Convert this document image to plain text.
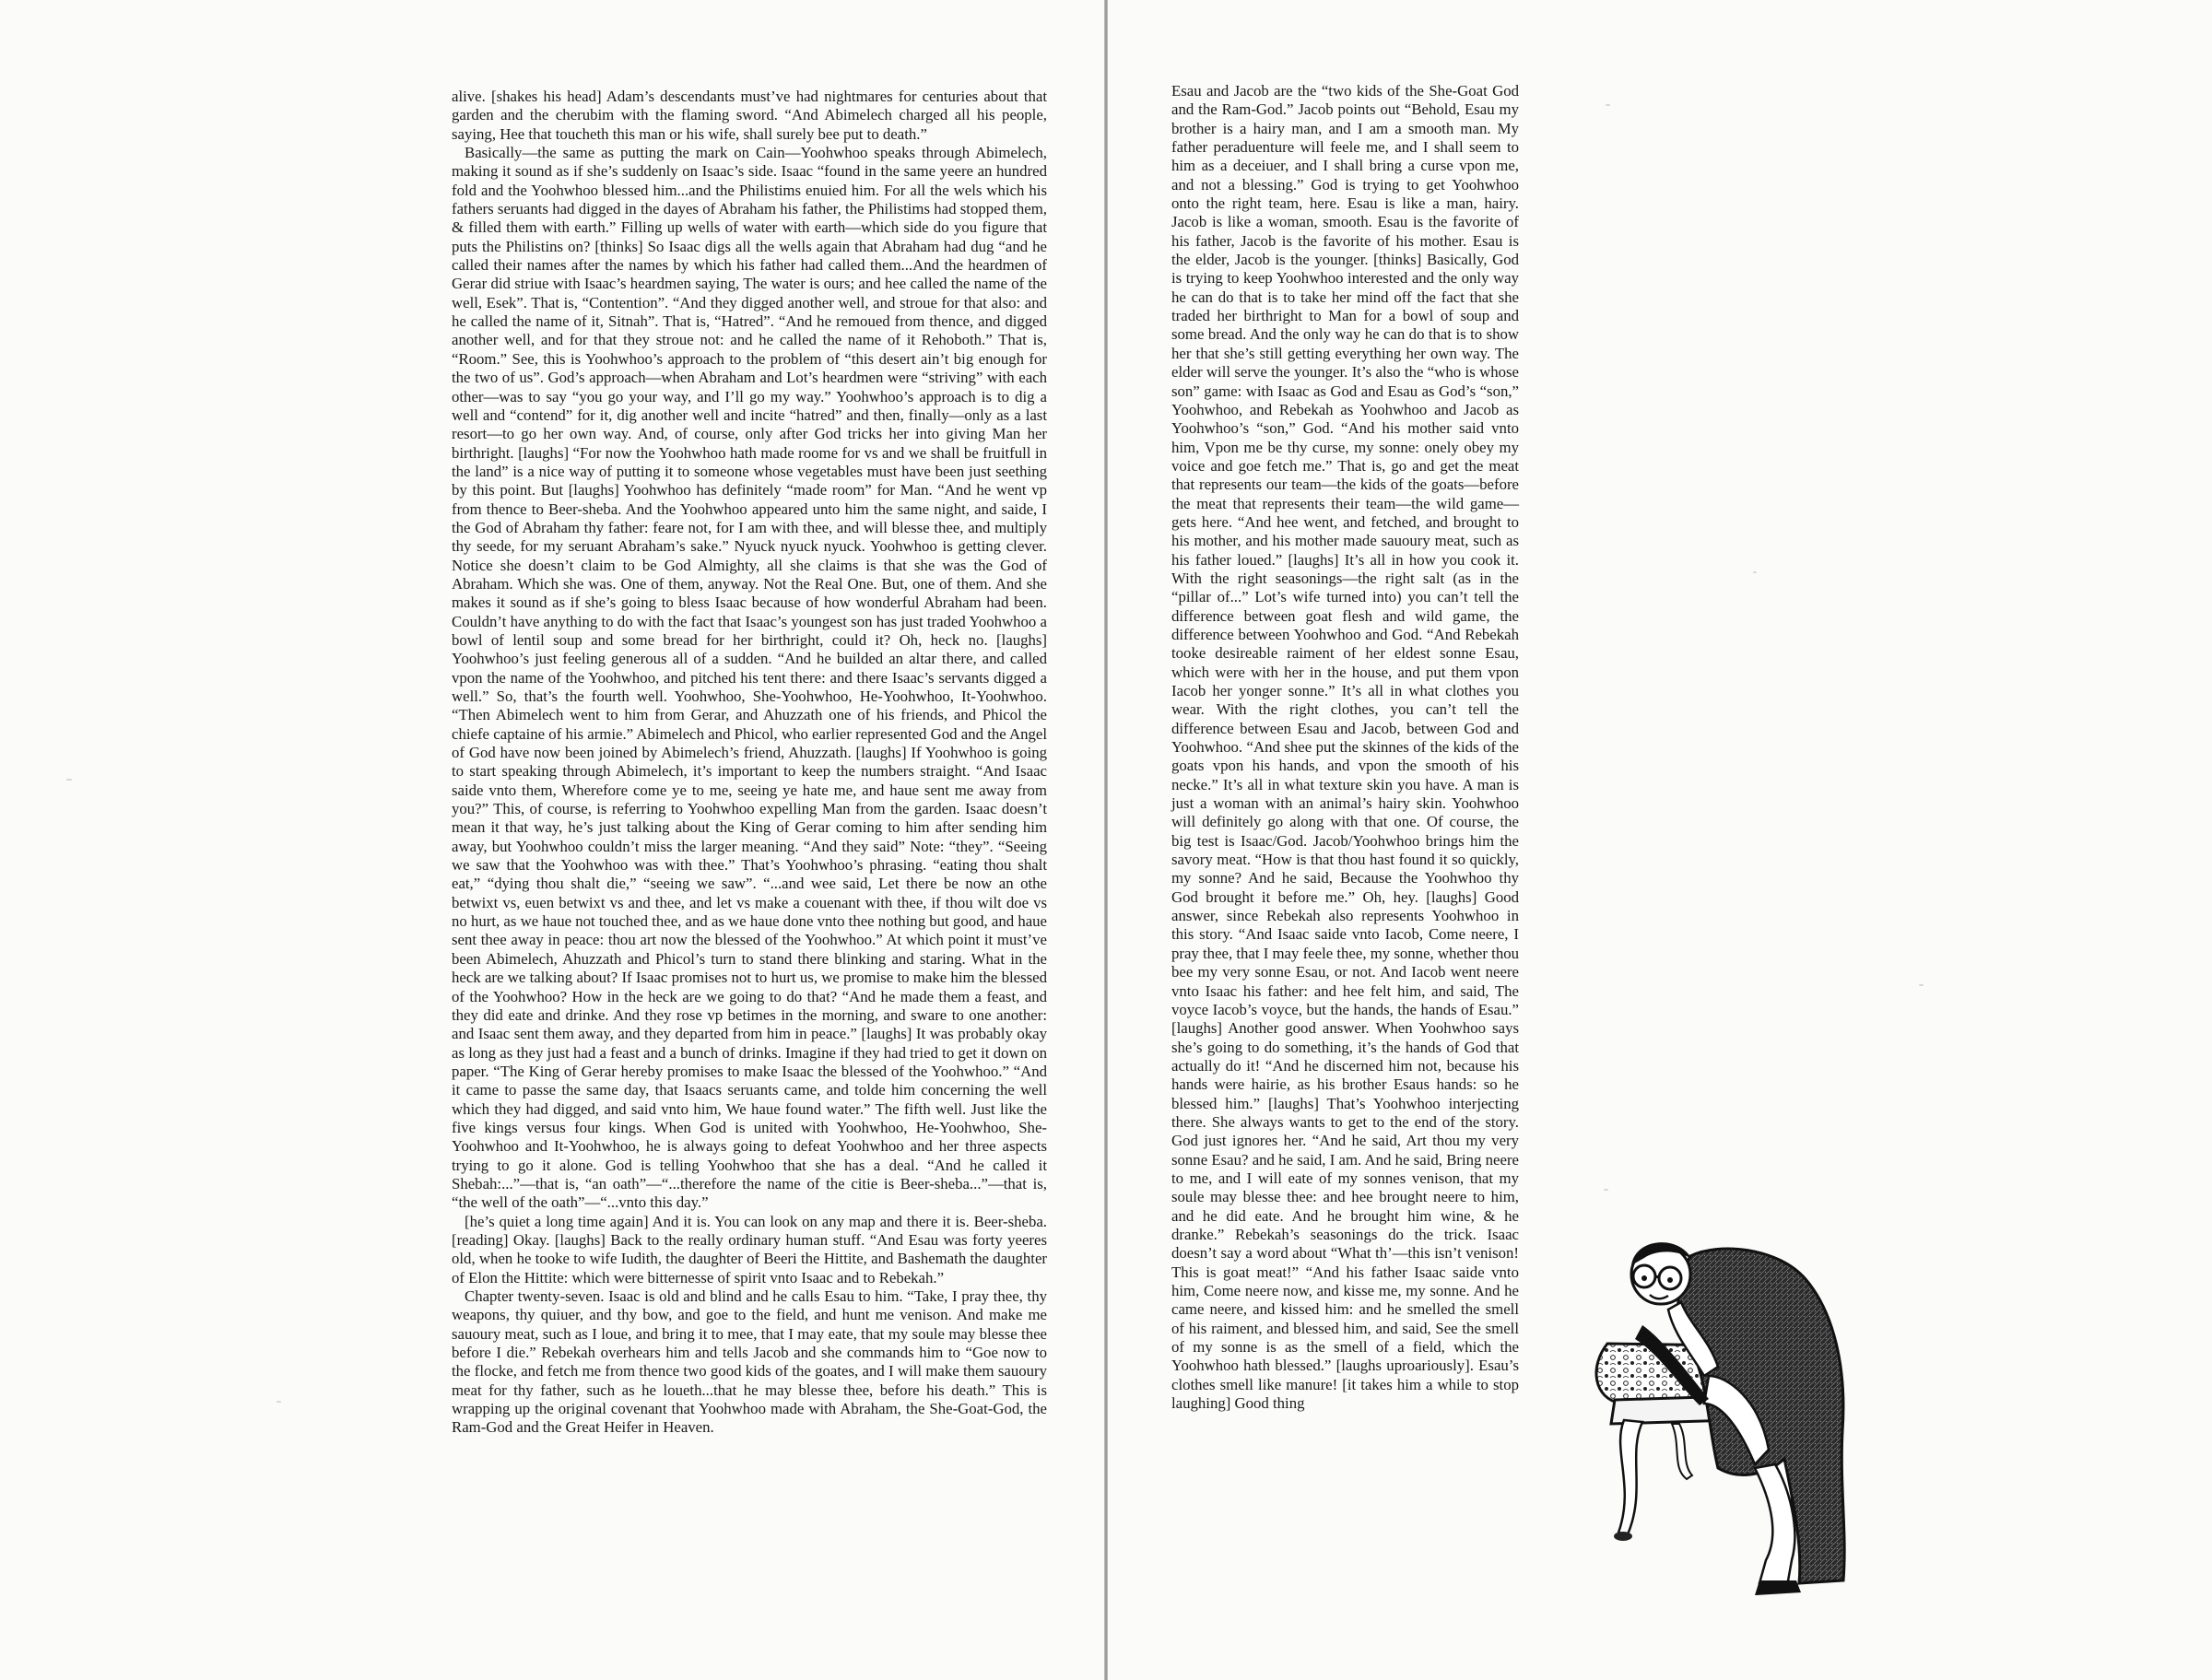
alive. [shakes his head] Adam’s descendants must’ve had nightmares for centuries about that garden and the cherubim with the flaming sword. “And Abimelech charged all his people, saying, Hee that toucheth this man or his wife, shall surely bee put to death.”

Basically—the same as putting the mark on Cain—Yoohwhoo speaks through Abimelech, making it sound as if she’s suddenly on Isaac’s side. Isaac “found in the same yeere an hundred fold and the Yoohwhoo blessed him...and the Philistims enuied him. For all the wels which his fathers seruants had digged in the dayes of Abraham his father, the Philistims had stopped them, & filled them with earth.” Filling up wells of water with earth—which side do you figure that puts the Philistins on? [thinks] So Isaac digs all the wells again that Abraham had dug “and he called their names after the names by which his father had called them...And the heardmen of Gerar did striue with Isaac’s heardmen saying, The water is ours; and hee called the name of the well, Esek”. That is, “Contention”. “And they digged another well, and stroue for that also: and he called the name of it, Sitnah”. That is, “Hatred”. “And he remoued from thence, and digged another well, and for that they stroue not: and he called the name of it Rehoboth.” That is, “Room.” See, this is Yoohwhoo’s approach to the problem of “this desert ain’t big enough for the two of us”. God’s approach—when Abraham and Lot’s heardmen were “striving” with each other—was to say “you go your way, and I’ll go my way.” Yoohwhoo’s approach is to dig a well and “contend” for it, dig another well and incite “hatred” and then, finally—only as a last resort—to go her own way. And, of course, only after God tricks her into giving Man her birthright. [laughs] “For now the Yoohwhoo hath made roome for vs and we shall be fruitfull in the land” is a nice way of putting it to someone whose vegetables must have been just seething by this point. But [laughs] Yoohwhoo has definitely “made room” for Man. “And he went vp from thence to Beer-sheba. And the Yoohwhoo appeared unto him the same night, and saide, I the God of Abraham thy father: feare not, for I am with thee, and will blesse thee, and multiply thy seede, for my seruant Abraham’s sake.” Nyuck nyuck nyuck. Yoohwhoo is getting clever. Notice she doesn’t claim to be God Almighty, all she claims is that she was the God of Abraham. Which she was. One of them, anyway. Not the Real One. But, one of them. And she makes it sound as if she’s going to bless Isaac because of how wonderful Abraham had been. Couldn’t have anything to do with the fact that Isaac’s youngest son has just traded Yoohwhoo a bowl of lentil soup and some bread for her birthright, could it? Oh, heck no. [laughs] Yoohwhoo’s just feeling generous all of a sudden. “And he builded an altar there, and called vpon the name of the Yoohwhoo, and pitched his tent there: and there Isaac’s servants digged a well.” So, that’s the fourth well. Yoohwhoo, She-Yoohwhoo, He-Yoohwhoo, It-Yoohwhoo. “Then Abimelech went to him from Gerar, and Ahuzzath one of his friends, and Phicol the chiefe captaine of his armie.” Abimelech and Phicol, who earlier represented God and the Angel of God have now been joined by Abimelech’s friend, Ahuzzath. [laughs] If Yoohwhoo is going to start speaking through Abimelech, it’s important to keep the numbers straight. “And Isaac saide vnto them, Wherefore come ye to me, seeing ye hate me, and haue sent me away from you?” This, of course, is referring to Yoohwhoo expelling Man from the garden. Isaac doesn’t mean it that way, he’s just talking about the King of Gerar coming to him after sending him away, but Yoohwhoo couldn’t miss the larger meaning. “And they said” Note: “they”. “Seeing we saw that the Yoohwhoo was with thee.” That’s Yoohwhoo’s phrasing. “eating thou shalt eat,” “dying thou shalt die,” “seeing we saw”. “...and wee said, Let there be now an othe betwixt vs, euen betwixt vs and thee, and let vs make a couenant with thee, if thou wilt doe vs no hurt, as we haue not touched thee, and as we haue done vnto thee nothing but good, and haue sent thee away in peace: thou art now the blessed of the Yoohwhoo.” At which point it must’ve been Abimelech, Ahuzzath and Phicol’s turn to stand there blinking and staring. What in the heck are we talking about? If Isaac promises not to hurt us, we promise to make him the blessed of the Yoohwhoo? How in the heck are we going to do that? “And he made them a feast, and they did eate and drinke. And they rose vp betimes in the morning, and sware to one another: and Isaac sent them away, and they departed from him in peace.” [laughs] It was probably okay as long as they just had a feast and a bunch of drinks. Imagine if they had tried to get it down on paper. “The King of Gerar hereby promises to make Isaac the blessed of the Yoohwhoo.” “And it came to passe the same day, that Isaacs seruants came, and tolde him concerning the well which they had digged, and said vnto him, We haue found water.” The fifth well. Just like the five kings versus four kings. When God is united with Yoohwhoo, He-Yoohwhoo, She-Yoohwhoo and It-Yoohwhoo, he is always going to defeat Yoohwhoo and her three aspects trying to go it alone. God is telling Yoohwhoo that she has a deal. “And he called it Shebah:...”—that is, “an oath”—“...therefore the name of the citie is Beer-sheba...”—that is, “the well of the oath”—“...vnto this day.”

[he’s quiet a long time again] And it is. You can look on any map and there it is. Beer-sheba. [reading] Okay. [laughs] Back to the really ordinary human stuff. “And Esau was forty yeeres old, when he tooke to wife Iudith, the daughter of Beeri the Hittite, and Bashemath the daughter of Elon the Hittite: which were bitternesse of spirit vnto Isaac and to Rebekah.”

Chapter twenty-seven. Isaac is old and blind and he calls Esau to him. “Take, I pray thee, thy weapons, thy quiuer, and thy bow, and goe to the field, and hunt me venison. And make me sauoury meat, such as I loue, and bring it to mee, that I may eate, that my soule may blesse thee before I die.” Rebekah overhears him and tells Jacob and she commands him to “Goe now to the flocke, and fetch me from thence two good kids of the goates, and I will make them sauoury meat for thy father, such as he loueth...that he may blesse thee, before his death.” This is wrapping up the original covenant that Yoohwhoo made with Abraham, the She-Goat-God, the Ram-God and the Great Heifer in Heaven.

Esau and Jacob are the “two kids of the She-Goat God and the Ram-God.” Jacob points out “Behold, Esau my brother is a hairy man, and I am a smooth man. My father peraduenture will feele me, and I shall seem to him as a deceiuer, and I shall bring a curse vpon me, and not a blessing.” God is trying to get Yoohwhoo onto the right team, here. Esau is like a man, hairy. Jacob is like a woman, smooth. Esau is the favorite of his father, Jacob is the favorite of his mother. Esau is the elder, Jacob is the younger. [thinks] Basically, God is trying to keep Yoohwhoo interested and the only way he can do that is to take her mind off the fact that she traded her birthright to Man for a bowl of soup and some bread. And the only way he can do that is to show her that she’s still getting everything her own way. The elder will serve the younger. It’s also the “who is whose son” game: with Isaac as God and Esau as God’s “son,” Yoohwhoo, and Rebekah as Yoohwhoo and Jacob as Yoohwhoo’s “son,” God. “And his mother said vnto him, Vpon me be thy curse, my sonne: onely obey my voice and goe fetch me.” That is, go and get the meat that represents our team—the kids of the goats—before the meat that represents their team—the wild game—gets here. “And hee went, and fetched, and brought to his mother, and his mother made sauoury meat, such as his father loued.” [laughs] It’s all in how you cook it. With the right seasonings—the right salt (as in the “pillar of...” Lot’s wife turned into) you can’t tell the difference between goat flesh and wild game, the difference between Yoohwhoo and God. “And Rebekah tooke desireable raiment of her eldest sonne Esau, which were with her in the house, and put them vpon Iacob her yonger sonne.” It’s all in what clothes you wear. With the right clothes, you can’t tell the difference between Esau and Jacob, between God and Yoohwhoo. “And shee put the skinnes of the kids of the goats vpon his hands, and vpon the smooth of his necke.” It’s all in what texture skin you have. A man is just a woman with an animal’s hairy skin. Yoohwhoo will definitely go along with that one. Of course, the big test is Isaac/God. Jacob/Yoohwhoo brings him the savory meat. “How is that thou hast found it so quickly, my sonne? And he said, Because the Yoohwhoo thy God brought it before me.” Oh, hey. [laughs] Good answer, since Rebekah also represents Yoohwhoo in this story. “And Isaac saide vnto Iacob, Come neere, I pray thee, that I may feele thee, my sonne, whether thou bee my very sonne Esau, or not. And Iacob went neere vnto Isaac his father: and hee felt him, and said, The voyce Iacob’s voyce, but the hands, the hands of Esau.” [laughs] Another good answer. When Yoohwhoo says she’s going to do something, it’s the hands of God that actually do it! “And he discerned him not, because his hands were hairie, as his brother Esaus hands: so he blessed him.” [laughs] That’s Yoohwhoo interjecting there. She always wants to get to the end of the story. God just ignores her. “And he said, Art thou my very sonne Esau? and he said, I am. And he said, Bring neere to me, and I will eate of my sonnes venison, that my soule may blesse thee: and hee brought neere to him, and he did eate. And he brought him wine, & he dranke.” Rebekah’s seasonings do the trick. Isaac doesn’t say a word about “What th’—this isn’t venison! This is goat meat!” “And his father Isaac saide vnto him, Come neere now, and kisse me, my sonne. And he came neere, and kissed him: and he smelled the smell of his raiment, and blessed him, and said, See the smell of my sonne is as the smell of a field, which the Yoohwhoo hath blessed.” [laughs uproariously]. Esau’s clothes smell like manure! [it takes him a while to stop laughing] Good thing
